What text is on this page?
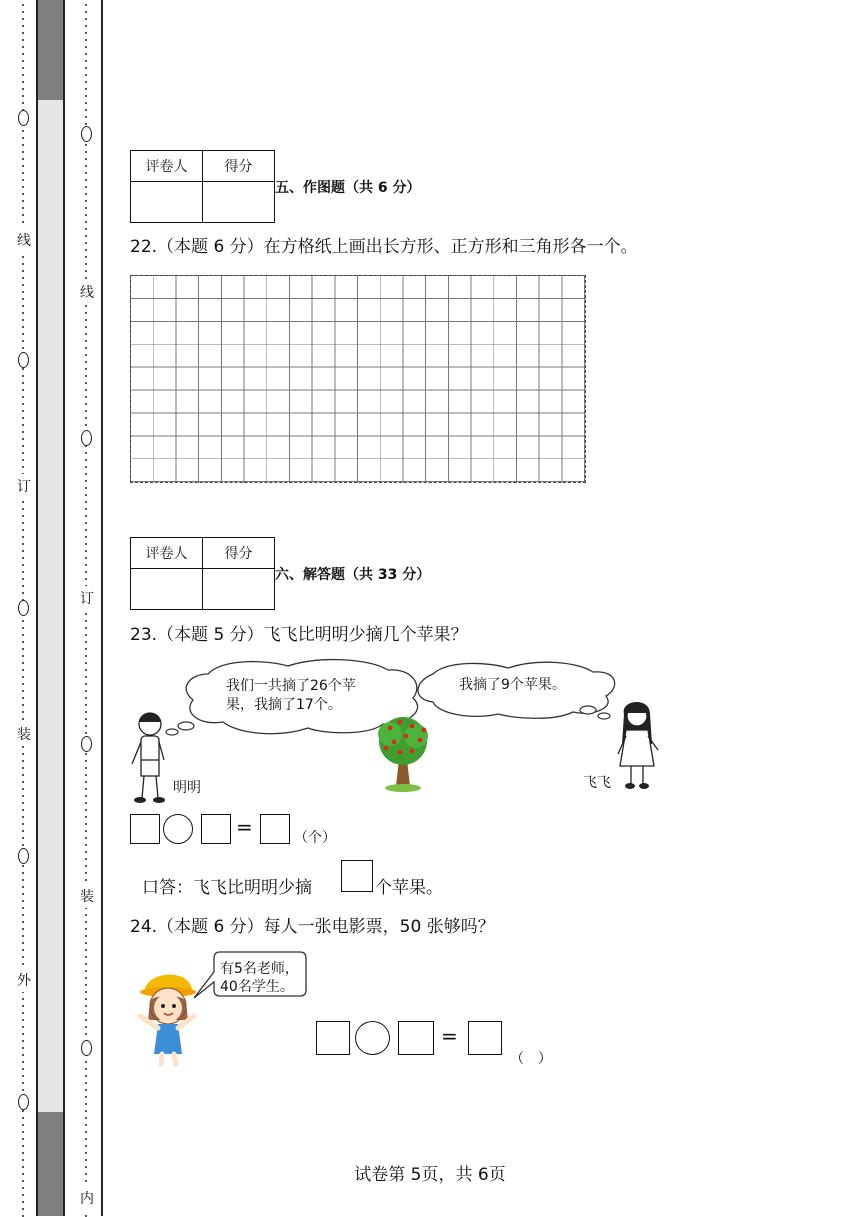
线
订
装
外
线
订
装
内
评卷人	得分

五、作图题（共 6 分）
22.（本题 6 分）在方格纸上画出长方形、正方形和三角形各一个。
评卷人	得分

六、解答题（共 33 分）
23.（本题 5 分）飞飞比明明少摘几个苹果？
我们一共摘了26个苹
果，我摘了17个。
我摘了9个苹果。
明明	飞飞
=	（个）
口答：飞飞比明明少摘	个苹果。
24.（本题 6 分）每人一张电影票，50 张够吗？
有5名老师，
40名学生。
=
（　）
试卷第 5页，共 6页
